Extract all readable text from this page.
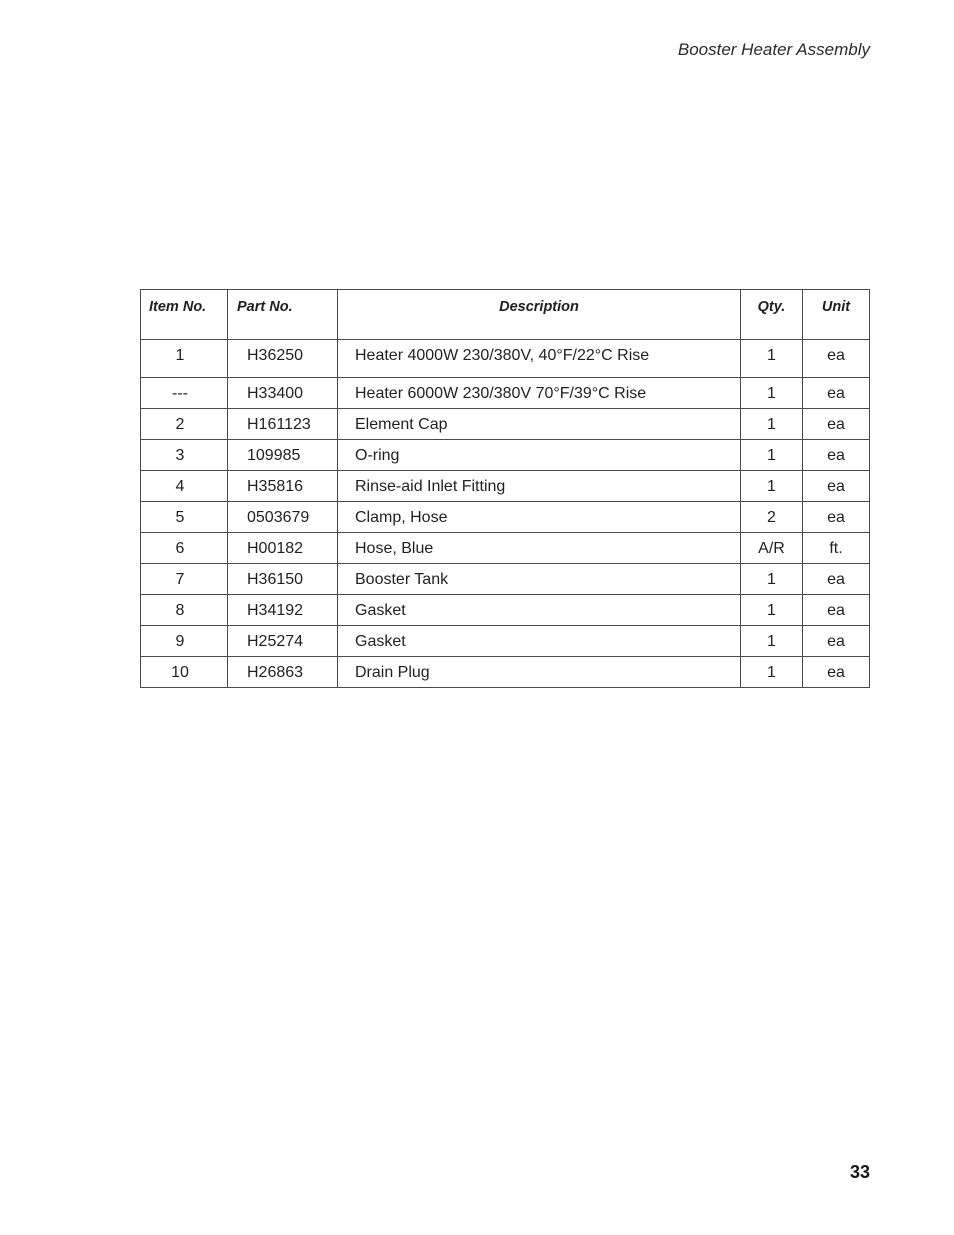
Booster Heater Assembly
Item No.	Part No.	Description	Qty.	Unit
1	H36250	Heater 4000W 230/380V, 40°F/22°C Rise	1	ea
---	H33400	Heater 6000W 230/380V 70°F/39°C Rise	1	ea
2	H161123	Element Cap	1	ea
3	109985	O-ring	1	ea
4	H35816	Rinse-aid Inlet Fitting	1	ea
5	0503679	Clamp, Hose	2	ea
6	H00182	Hose, Blue	A/R	ft.
7	H36150	Booster Tank	1	ea
8	H34192	Gasket	1	ea
9	H25274	Gasket	1	ea
10	H26863	Drain Plug	1	ea
33
